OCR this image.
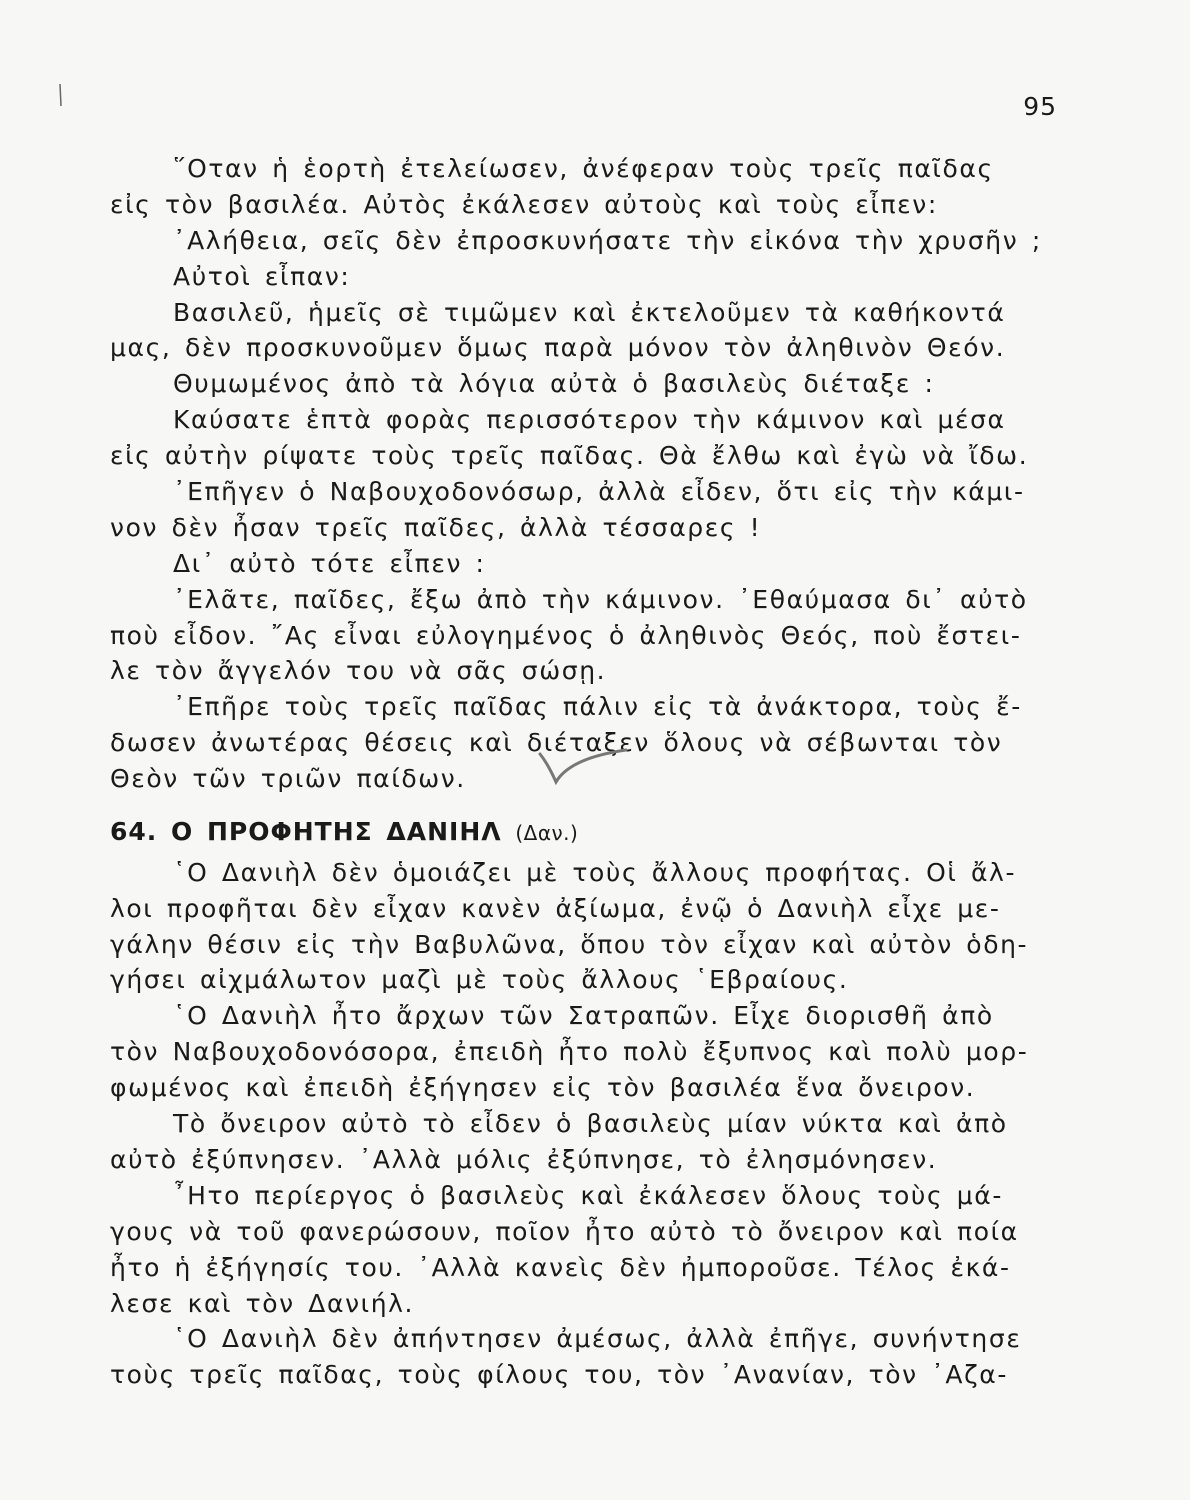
95
῞Οταν ἡ ἑορτὴ ἐτελείωσεν, ἀνέφεραν τοὺς τρεῖς παῖδας
εἰς τὸν βασιλέα. Αὐτὸς ἐκάλεσεν αὐτοὺς καὶ τοὺς εἶπεν:
᾿Αλήθεια, σεῖς δὲν ἐπροσκυνήσατε τὴν εἰκόνα τὴν χρυσῆν ;
Αὐτοὶ εἶπαν:
Βασιλεῦ, ἡμεῖς σὲ τιμῶμεν καὶ ἐκτελοῦμεν τὰ καθήκοντά
μας, δὲν προσκυνοῦμεν ὅμως παρὰ μόνον τὸν ἀληθινὸν Θεόν.
Θυμωμένος ἀπὸ τὰ λόγια αὐτὰ ὁ βασιλεὺς διέταξε :
Καύσατε ἑπτὰ φορὰς περισσότερον τὴν κάμινον καὶ μέσα
εἰς αὐτὴν ρίψατε τοὺς τρεῖς παῖδας. Θὰ ἔλθω καὶ ἐγὼ νὰ ἴδω.
᾿Επῆγεν ὁ Ναβουχοδονόσωρ, ἀλλὰ εἶδεν, ὅτι εἰς τὴν κάμι-
νον δὲν ἦσαν τρεῖς παῖδες, ἀλλὰ τέσσαρες !
Δι᾿ αὐτὸ τότε εἶπεν :
᾿Ελᾶτε, παῖδες, ἔξω ἀπὸ τὴν κάμινον. ᾿Εθαύμασα δι᾿ αὐτὸ
ποὺ εἶδον. ῎Ας εἶναι εὐλογημένος ὁ ἀληθινὸς Θεός, ποὺ ἔστει-
λε τὸν ἄγγελόν του νὰ σᾶς σώσῃ.
᾿Επῆρε τοὺς τρεῖς παῖδας πάλιν εἰς τὰ ἀνάκτορα, τοὺς ἔ-
δωσεν ἀνωτέρας θέσεις καὶ διέταξεν ὅλους νὰ σέβωνται τὸν
Θεὸν τῶν τριῶν παίδων.
64. Ο ΠΡΟΦΗΤΗΣ ΔΑΝΙΗΛ (Δαν.)
῾Ο Δανιὴλ δὲν ὁμοιάζει μὲ τοὺς ἄλλους προφήτας. Οἱ ἄλ-
λοι προφῆται δὲν εἶχαν κανὲν ἀξίωμα, ἐνῷ ὁ Δανιὴλ εἶχε με-
γάλην θέσιν εἰς τὴν Βαβυλῶνα, ὅπου τὸν εἶχαν καὶ αὐτὸν ὁδη-
γήσει αἰχμάλωτον μαζὶ μὲ τοὺς ἄλλους ῾Εβραίους.
῾Ο Δανιὴλ ἦτο ἄρχων τῶν Σατραπῶν. Εἶχε διορισθῆ ἀπὸ
τὸν Ναβουχοδονόσορα, ἐπειδὴ ἦτο πολὺ ἔξυπνος καὶ πολὺ μορ-
φωμένος καὶ ἐπειδὴ ἐξήγησεν εἰς τὸν βασιλέα ἕνα ὄνειρον.
Τὸ ὄνειρον αὐτὸ τὸ εἶδεν ὁ βασιλεὺς μίαν νύκτα καὶ ἀπὸ
αὐτὸ ἐξύπνησεν. ᾿Αλλὰ μόλις ἐξύπνησε, τὸ ἐλησμόνησεν.
῏Ητο περίεργος ὁ βασιλεὺς καὶ ἐκάλεσεν ὅλους τοὺς μά-
γους νὰ τοῦ φανερώσουν, ποῖον ἦτο αὐτὸ τὸ ὄνειρον καὶ ποία
ἦτο ἡ ἐξήγησίς του. ᾿Αλλὰ κανεὶς δὲν ἠμποροῦσε. Τέλος ἐκά-
λεσε καὶ τὸν Δανιήλ.
῾Ο Δανιὴλ δὲν ἀπήντησεν ἀμέσως, ἀλλὰ ἐπῆγε, συνήντησε
τοὺς τρεῖς παῖδας, τοὺς φίλους του, τὸν ᾿Ανανίαν, τὸν ᾿Αζα-
